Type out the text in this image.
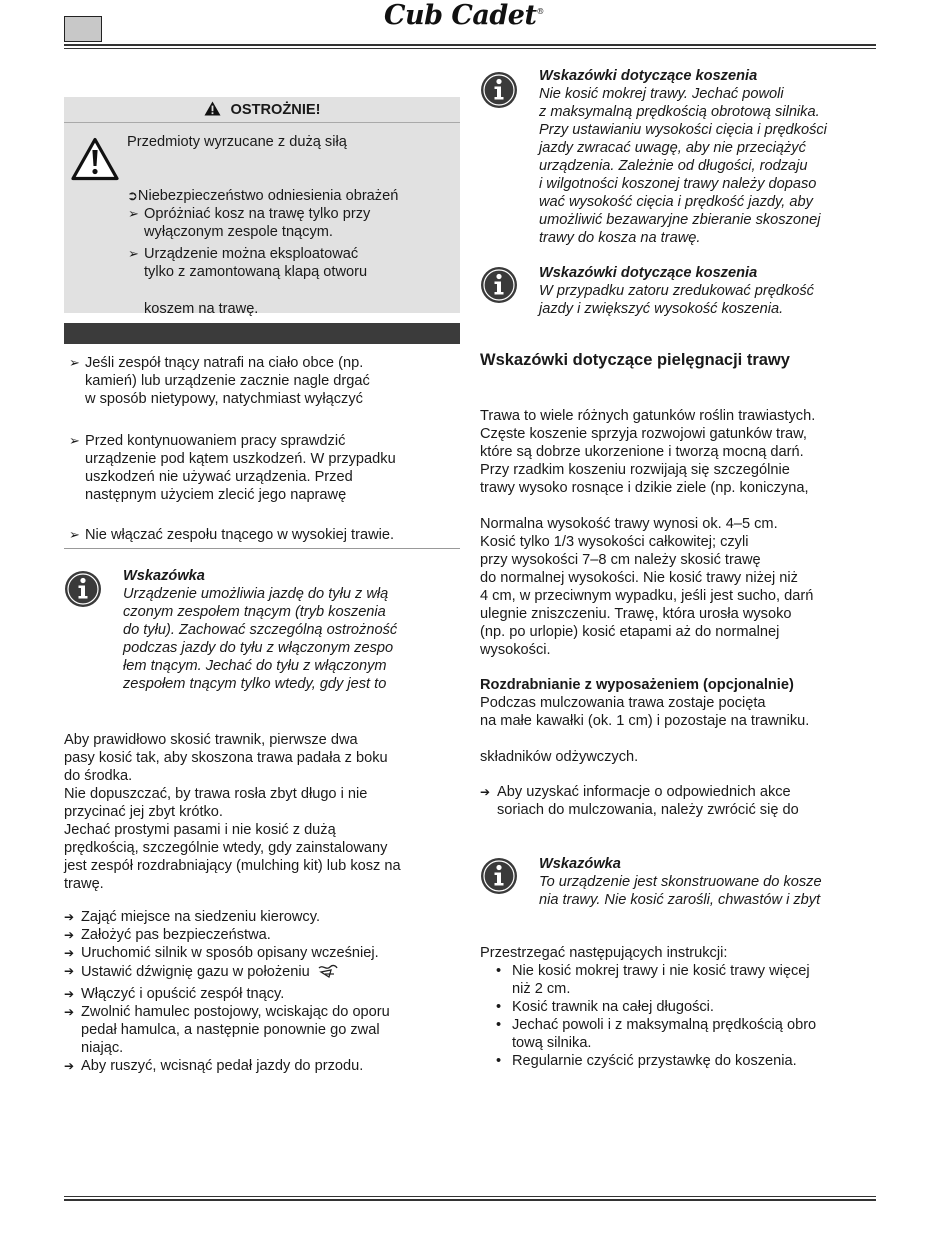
Cub Cadet®
OSTROŻNIE!
Przedmioty wyrzucane z dużą siłą
➲Niebezpieczeństwo odniesienia obrażeń
➢ Opróżniać kosz na trawę tylko przy
wyłączonym zespole tnącym.
➢ Urządzenie można eksploatować
tylko z zamontowaną klapą otworu
koszem na trawę.
➢ Jeśli zespół tnący natrafi na ciało obce (np.
kamień) lub urządzenie zacznie nagle drgać
w sposób nietypowy, natychmiast wyłączyć
➢ Przed kontynuowaniem pracy sprawdzić
urządzenie pod kątem uszkodzeń. W przypadku
uszkodzeń nie używać urządzenia. Przed
następnym użyciem zlecić jego naprawę
➢ Nie włączać zespołu tnącego w wysokiej trawie.
Wskazówka
Urządzenie umożliwia jazdę do tyłu z włą
czonym zespołem tnącym (tryb koszenia
do tyłu). Zachować szczególną ostrożność
podczas jazdy do tyłu z włączonym zespo
łem tnącym. Jechać do tyłu z włączonym
zespołem tnącym tylko wtedy, gdy jest to
Aby prawidłowo skosić trawnik, pierwsze dwa
pasy kosić tak, aby skoszona trawa padała z boku
do środka.
Nie dopuszczać, by trawa rosła zbyt długo i nie
przycinać jej zbyt krótko.
Jechać prostymi pasami i nie kosić z dużą
prędkością, szczególnie wtedy, gdy zainstalowany
jest zespół rozdrabniający (mulching kit) lub kosz na
trawę.
➔ Zająć miejsce na siedzeniu kierowcy.
➔ Założyć pas bezpieczeństwa.
➔ Uruchomić silnik w sposób opisany wcześniej.
➔ Ustawić dźwignię gazu w położeniu
➔ Włączyć i opuścić zespół tnący.
➔ Zwolnić hamulec postojowy, wciskając do oporu
pedał hamulca, a następnie ponownie go zwal
niając.
➔ Aby ruszyć, wcisnąć pedał jazdy do przodu.
Wskazówki dotyczące koszenia
Nie kosić mokrej trawy. Jechać powoli
z maksymalną prędkością obrotową silnika.
Przy ustawianiu wysokości cięcia i prędkości
jazdy zwracać uwagę, aby nie przeciążyć
urządzenia. Zależnie od długości, rodzaju
i wilgotności koszonej trawy należy dopaso
wać wysokość cięcia i prędkość jazdy, aby
umożliwić bezawaryjne zbieranie skoszonej
trawy do kosza na trawę.
Wskazówki dotyczące koszenia
W przypadku zatoru zredukować prędkość
jazdy i zwiększyć wysokość koszenia.
Wskazówki dotyczące pielęgnacji trawy
Trawa to wiele różnych gatunków roślin trawiastych.
Częste koszenie sprzyja rozwojowi gatunków traw,
które są dobrze ukorzenione i tworzą mocną darń.
Przy rzadkim koszeniu rozwijają się szczególnie
trawy wysoko rosnące i dzikie ziele (np. koniczyna,
Normalna wysokość trawy wynosi ok. 4–5 cm.
Kosić tylko 1/3 wysokości całkowitej; czyli
przy wysokości 7–8 cm należy skosić trawę
do normalnej wysokości. Nie kosić trawy niżej niż
4 cm, w przeciwnym wypadku, jeśli jest sucho, darń
ulegnie zniszczeniu. Trawę, która urosła wysoko
(np. po urlopie) kosić etapami aż do normalnej
wysokości.
Rozdrabnianie z wyposażeniem (opcjonalnie)
Podczas mulczowania trawa zostaje pocięta
na małe kawałki (ok. 1 cm) i pozostaje na trawniku.
składników odżywczych.
➔ Aby uzyskać informacje o odpowiednich akce
soriach do mulczowania, należy zwrócić się do
Wskazówka
To urządzenie jest skonstruowane do kosze
nia trawy. Nie kosić zarośli, chwastów i zbyt
Przestrzegać następujących instrukcji:
• Nie kosić mokrej trawy i nie kosić trawy więcej
niż 2 cm.
• Kosić trawnik na całej długości.
• Jechać powoli i z maksymalną prędkością obro
tową silnika.
• Regularnie czyścić przystawkę do koszenia.
